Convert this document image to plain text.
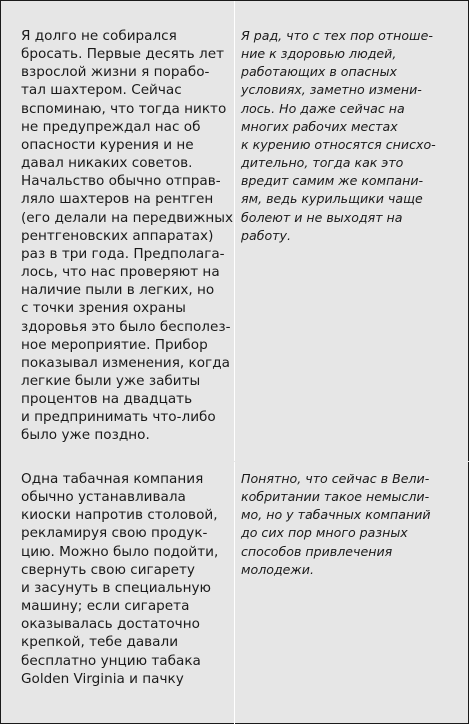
Я долго не собирался
бросать. Первые десять лет
взрослой жизни я порабо-
тал шахтером. Сейчас
вспоминаю, что тогда никто
не предупреждал нас об
опасности курения и не
давал никаких советов.
Начальство обычно отправ-
ляло шахтеров на рентген
(его делали на передвижных
рентгеновских аппаратах)
раз в три года. Предполага-
лось, что нас проверяют на
наличие пыли в легких, но
с точки зрения охраны
здоровья это было бесполез-
ное мероприятие. Прибор
показывал изменения, когда
легкие были уже забиты
процентов на двадцать
и предпринимать что-либо
было уже поздно.

Я рад, что с тех пор отноше-
ние к здоровью людей,
работающих в опасных
условиях, заметно измени-
лось. Но даже сейчас на
многих рабочих местах
к курению относятся снисхо-
дительно, тогда как это
вредит самим же компани-
ям, ведь курильщики чаще
болеют и не выходят на
работу.

Одна табачная компания
обычно устанавливала
киоски напротив столовой,
рекламируя свою продук-
цию. Можно было подойти,
свернуть свою сигарету
и засунуть в специальную
машину; если сигарета
оказывалась достаточно
крепкой, тебе давали
бесплатно унцию табака
Golden Virginia и пачку

Понятно, что сейчас в Вели-
кобритании такое немысли-
мо, но у табачных компаний
до сих пор много разных
способов привлечения
молодежи.
